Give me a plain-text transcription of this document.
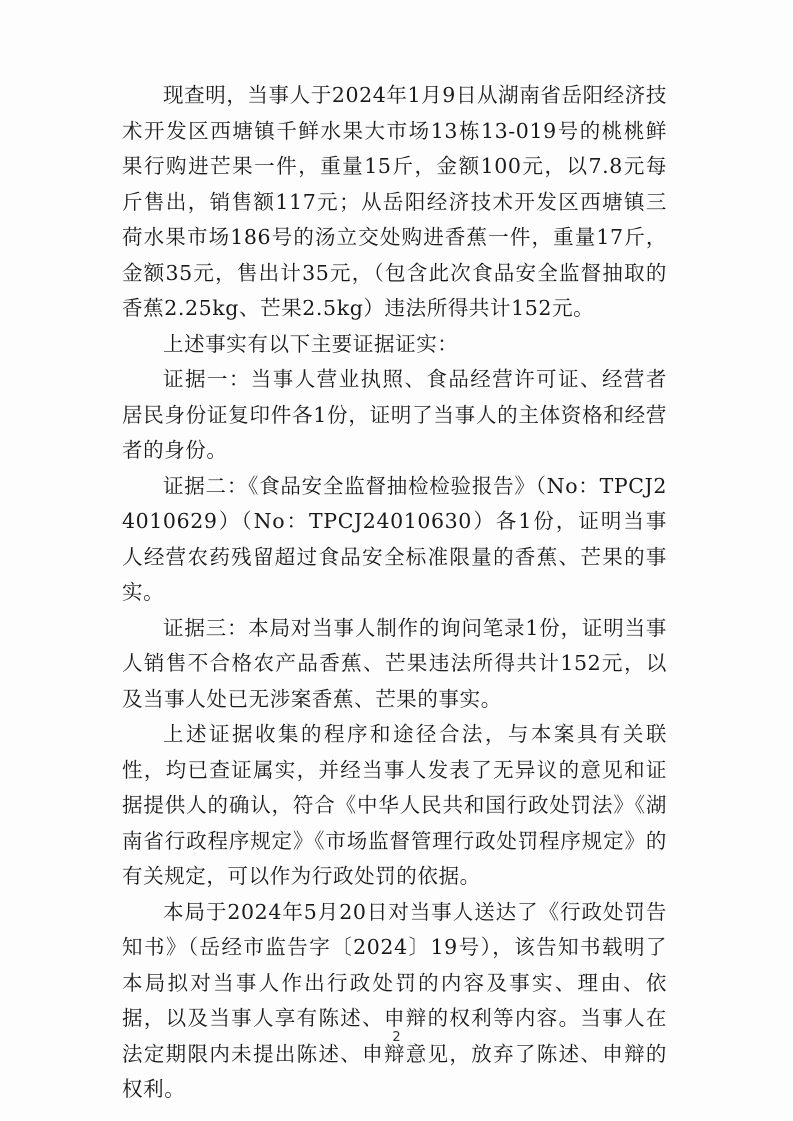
现查明，当事人于2024年1月9日从湖南省岳阳经济技术开发区西塘镇千鲜水果大市场13栋13-019号的桃桃鲜果行购进芒果一件，重量15斤，金额100元，以7.8元每斤售出，销售额117元；从岳阳经济技术开发区西塘镇三荷水果市场186号的汤立交处购进香蕉一件，重量17斤，金额35元，售出计35元，（包含此次食品安全监督抽取的香蕉2.25kg、芒果2.5kg）违法所得共计152元。

上述事实有以下主要证据证实：

证据一：当事人营业执照、食品经营许可证、经营者居民身份证复印件各1份，证明了当事人的主体资格和经营者的身份。

证据二：《食品安全监督抽检检验报告》（No：TPCJ24010629）（No：TPCJ24010630）各1份，证明当事人经营农药残留超过食品安全标准限量的香蕉、芒果的事实。

证据三：本局对当事人制作的询问笔录1份，证明当事人销售不合格农产品香蕉、芒果违法所得共计152元，以及当事人处已无涉案香蕉、芒果的事实。

上述证据收集的程序和途径合法，与本案具有关联性，均已查证属实，并经当事人发表了无异议的意见和证据提供人的确认，符合《中华人民共和国行政处罚法》《湖南省行政程序规定》《市场监督管理行政处罚程序规定》的有关规定，可以作为行政处罚的依据。

本局于2024年5月20日对当事人送达了《行政处罚告知书》（岳经市监告字〔2024〕19号），该告知书载明了本局拟对当事人作出行政处罚的内容及事实、理由、依据，以及当事人享有陈述、申辩的权利等内容。当事人在法定期限内未提出陈述、申辩意见，放弃了陈述、申辩的权利。

2
